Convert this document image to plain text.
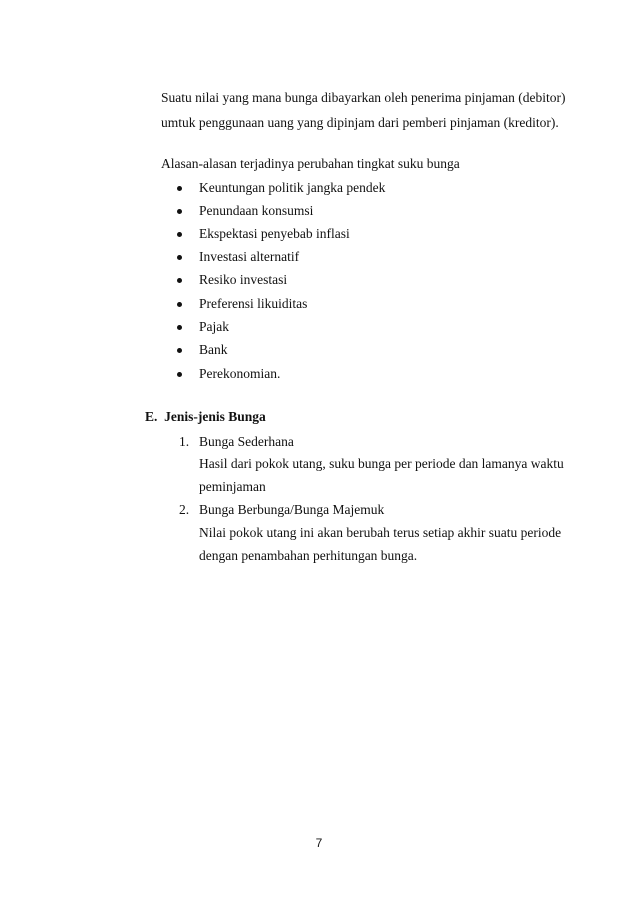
Suatu nilai yang mana bunga dibayarkan oleh penerima pinjaman (debitor)
umtuk penggunaan uang yang dipinjam dari pemberi pinjaman (kreditor).
Alasan-alasan terjadinya perubahan tingkat suku bunga
Keuntungan politik jangka pendek
Penundaan konsumsi
Ekspektasi penyebab inflasi
Investasi alternatif
Resiko investasi
Preferensi likuiditas
Pajak
Bank
Perekonomian.
E.  Jenis-jenis Bunga
1. Bunga Sederhana
Hasil dari pokok utang, suku bunga per periode dan lamanya waktu
peminjaman
2. Bunga Berbunga/Bunga Majemuk
Nilai pokok utang ini akan berubah terus setiap akhir suatu periode
dengan penambahan perhitungan bunga.
7
